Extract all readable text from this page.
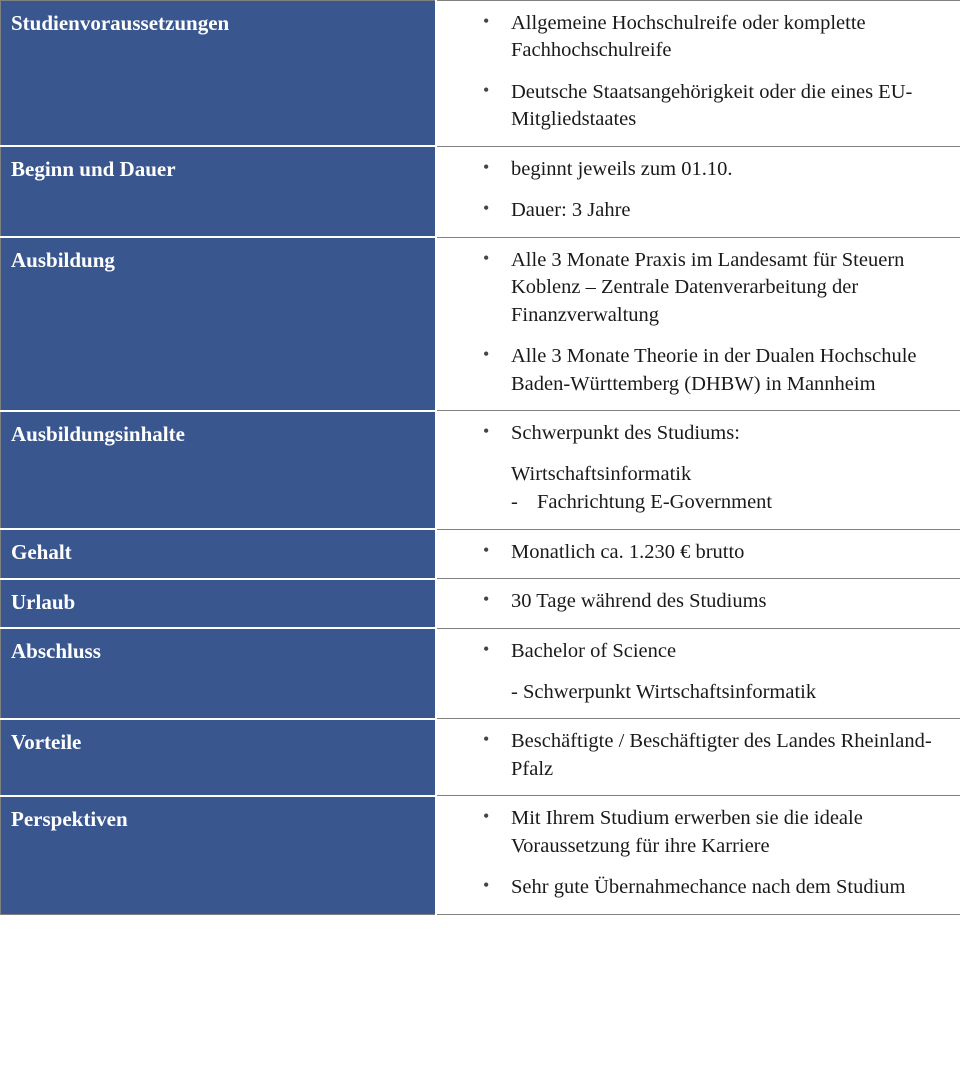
Studienvoraussetzungen	
•Allgemeine Hochschulreife oder komplette Fachhochschulreife
• Deutsche Staatsangehörigkeit oder die eines EU-Mitgliedstaates

Beginn und Dauer	
•beginnt jeweils zum 01.10.
• Dauer: 3 Jahre

Ausbildung	
•Alle 3 Monate Praxis im Landesamt für Steuern Koblenz – Zentrale Datenverarbeitung der Finanzverwaltung
• Alle 3 Monate Theorie in der Dualen Hochschule Baden-Württemberg (DHBW) in Mannheim

Ausbildungsinhalte	
•Schwerpunkt des Studiums:
Wirtschaftsinformatik
- Fachrichtung E-Government

Gehalt	
•Monatlich ca. 1.230 € brutto

Urlaub	
•30 Tage während des Studiums

Abschluss	
•Bachelor of Science
- Schwerpunkt Wirtschaftsinformatik

Vorteile	
•Beschäftigte / Beschäftigter des Landes Rheinland-Pfalz

Perspektiven	
•Mit Ihrem Studium erwerben sie die ideale Voraussetzung für ihre Karriere
• Sehr gute Übernahmechance nach dem Studium
